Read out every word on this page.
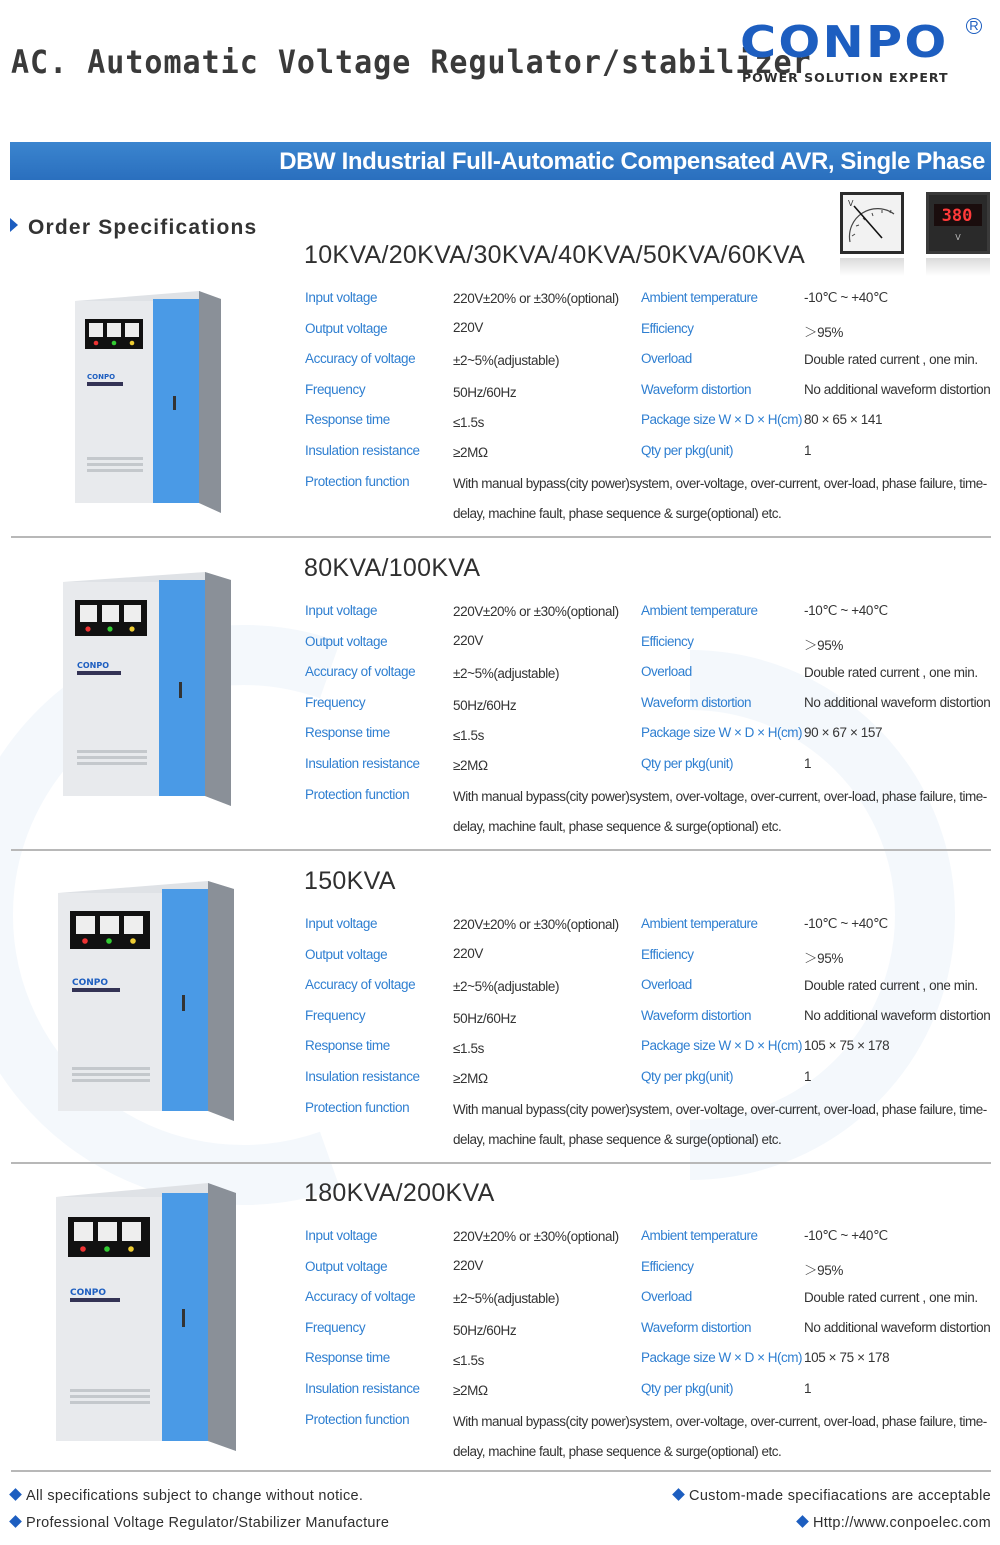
AC. Automatic Voltage Regulator/stabilizer
CONPO	R
POWER SOLUTION EXPERT
DBW Industrial Full-Automatic Compensated AVR, Single Phase
Order Specifications
V
380
V
CONPO
10KVA/20KVA/30KVA/40KVA/50KVA/60KVA
Input voltage	220V±20% or ±30%(optional) Ambient temperature	-10℃ ~ +40℃
Output voltage	220V	Efficiency	＞95%
Accuracy of voltage	±2~5%(adjustable)	Overload	Double rated current , one min.
Frequency	50Hz/60Hz	Waveform distortion	No additional waveform distortion
Response time	≤1.5s	Package size W × D × H(cm) 80 × 65 × 141
Insulation resistance ≥2MΩ	Qty per pkg(unit)	1
Protection function	With manual bypass(city power)system, over-voltage, over-current, over-load, phase failure, time-delay, machine fault, phase sequence & surge(optional) etc.
CONPO
80KVA/100KVA
Input voltage	220V±20% or ±30%(optional) Ambient temperature	-10℃ ~ +40℃
Output voltage	220V	Efficiency	＞95%
Accuracy of voltage	±2~5%(adjustable)	Overload	Double rated current , one min.
Frequency	50Hz/60Hz	Waveform distortion	No additional waveform distortion
Response time	≤1.5s	Package size W × D × H(cm) 90 × 67 × 157
Insulation resistance ≥2MΩ	Qty per pkg(unit)	1
Protection function	With manual bypass(city power)system, over-voltage, over-current, over-load, phase failure, time-delay, machine fault, phase sequence & surge(optional) etc.
CONPO
150KVA
Input voltage	220V±20% or ±30%(optional) Ambient temperature	-10℃ ~ +40℃
Output voltage	220V	Efficiency	＞95%
Accuracy of voltage	±2~5%(adjustable)	Overload	Double rated current , one min.
Frequency	50Hz/60Hz	Waveform distortion	No additional waveform distortion
Response time	≤1.5s	Package size W × D × H(cm) 105 × 75 × 178
Insulation resistance ≥2MΩ	Qty per pkg(unit)	1
Protection function	With manual bypass(city power)system, over-voltage, over-current, over-load, phase failure, time-delay, machine fault, phase sequence & surge(optional) etc.
CONPO
180KVA/200KVA
Input voltage	220V±20% or ±30%(optional) Ambient temperature	-10℃ ~ +40℃
Output voltage	220V	Efficiency	＞95%
Accuracy of voltage	±2~5%(adjustable)	Overload	Double rated current , one min.
Frequency	50Hz/60Hz	Waveform distortion	No additional waveform distortion
Response time	≤1.5s	Package size W × D × H(cm) 105 × 75 × 178
Insulation resistance ≥2MΩ	Qty per pkg(unit)	1
Protection function	With manual bypass(city power)system, over-voltage, over-current, over-load, phase failure, time-delay, machine fault, phase sequence & surge(optional) etc.
All specifications subject to change without notice.
Professional Voltage Regulator/Stabilizer Manufacture
Custom-made specifiacations are acceptable
Http://www.conpoelec.com
